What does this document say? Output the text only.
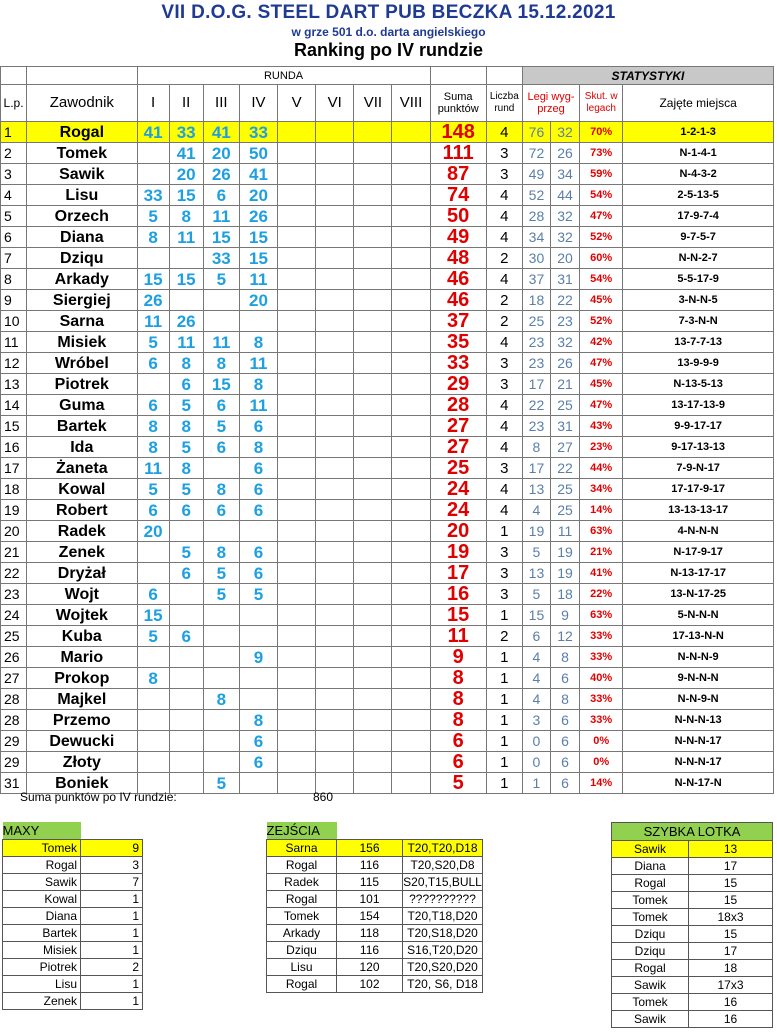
VII D.O.G. STEEL DART PUB BECZKA 15.12.2021
w grze 501 d.o. darta angielskiego
Ranking po IV rundzie
		RUNDA										STATYSTYKI			
L.p.	Zawodnik	I	II	III	IV	V	VI	VII	VIII	Suma punktów	Liczba rund	Legi wyg-przeg		Skut. w legach	Zajęte miejsca
1	Rogal	41	33	41	33					148	4	76	32	70%	1-2-1-3
2	Tomek		41	20	50					111	3	72	26	73%	N-1-4-1
3	Sawik		20	26	41					87	3	49	34	59%	N-4-3-2
4	Lisu	33	15	6	20					74	4	52	44	54%	2-5-13-5
5	Orzech	5	8	11	26					50	4	28	32	47%	17-9-7-4
6	Diana	8	11	15	15					49	4	34	32	52%	9-7-5-7
7	Dziqu			33	15					48	2	30	20	60%	N-N-2-7
8	Arkady	15	15	5	11					46	4	37	31	54%	5-5-17-9
9	Siergiej	26			20					46	2	18	22	45%	3-N-N-5
10	Sarna	11	26							37	2	25	23	52%	7-3-N-N
11	Misiek	5	11	11	8					35	4	23	32	42%	13-7-7-13
12	Wróbel	6	8	8	11					33	3	23	26	47%	13-9-9-9
13	Piotrek		6	15	8					29	3	17	21	45%	N-13-5-13
14	Guma	6	5	6	11					28	4	22	25	47%	13-17-13-9
15	Bartek	8	8	5	6					27	4	23	31	43%	9-9-17-17
16	Ida	8	5	6	8					27	4	8	27	23%	9-17-13-13
17	Żaneta	11	8		6					25	3	17	22	44%	7-9-N-17
18	Kowal	5	5	8	6					24	4	13	25	34%	17-17-9-17
19	Robert	6	6	6	6					24	4	4	25	14%	13-13-13-17
20	Radek	20								20	1	19	11	63%	4-N-N-N
21	Zenek		5	8	6					19	3	5	19	21%	N-17-9-17
22	Dryżał		6	5	6					17	3	13	19	41%	N-13-17-17
23	Wojt	6		5	5					16	3	5	18	22%	13-N-17-25
24	Wojtek	15								15	1	15	9	63%	5-N-N-N
25	Kuba	5	6							11	2	6	12	33%	17-13-N-N
26	Mario				9					9	1	4	8	33%	N-N-N-9
27	Prokop	8								8	1	4	6	40%	9-N-N-N
28	Majkel			8						8	1	4	8	33%	N-N-9-N
28	Przemo				8					8	1	3	6	33%	N-N-N-13
29	Dewucki				6					6	1	0	6	0%	N-N-N-17
29	Złoty				6					6	1	0	6	0%	N-N-N-17
31	Boniek			5						5	1	1	6	14%	N-N-17-N
Suma punktów po IV rundzie:	860
MAXY	
Tomek	9
Rogal	3
Sawik	7
Kowal	1
Diana	1
Bartek	1
Misiek	1
Piotrek	2
Lisu	1
Zenek	1
ZEJŚCIA		
Sarna	156	T20,T20,D18
Rogal	116	T20,S20,D8
Radek	115	S20,T15,BULL
Rogal	101	??????????
Tomek	154	T20,T18,D20
Arkady	118	T20,S18,D20
Dziqu	116	S16,T20,D20
Lisu	120	T20,S20,D20
Rogal	102	T20, S6, D18
SZYBKA LOTKA	
Sawik	13
Diana	17
Rogal	15
Tomek	15
Tomek	18x3
Dziqu	15
Dziqu	17
Rogal	18
Sawik	17x3
Tomek	16
Sawik	16
